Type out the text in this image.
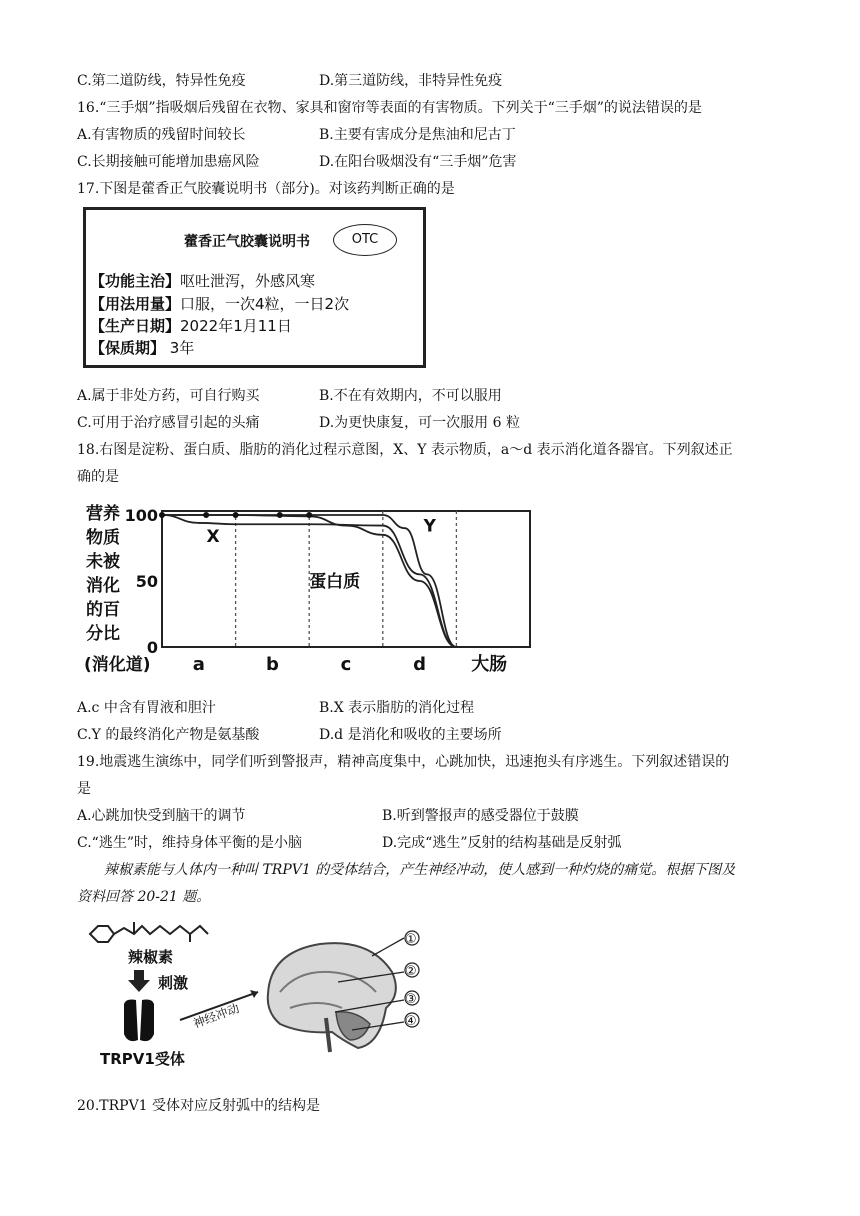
C.第二道防线，特异性免疫	D.第三道防线，非特异性免疫
16.“三手烟”指吸烟后残留在衣物、家具和窗帘等表面的有害物质。下列关于“三手烟”的说法错误的是
A.有害物质的残留时间较长	B.主要有害成分是焦油和尼古丁
C.长期接触可能增加患癌风险	D.在阳台吸烟没有“三手烟”危害
17.下图是藿香正气胶囊说明书（部分)。对该药判断正确的是
藿香正气胶囊说明书	OTC
【功能主治】呕吐泄泻，外感风寒
【用法用量】口服，一次4粒，一日2次
【生产日期】2022年1月11日
【保质期】 3年
A.属于非处方药，可自行购买	B.不在有效期内，不可以服用
C.可用于治疗感冒引起的头痛	D.为更快康复，可一次服用 6 粒
18.右图是淀粉、蛋白质、脂肪的消化过程示意图，X、Y 表示物质，a～d 表示消化道各器官。下列叙述正
确的是
营养
物质
未被
消化
的百
分比
100
50
0
X
蛋白质
Y
a	b	c	d	大肠
(消化道)
A.c 中含有胃液和胆汁	B.X 表示脂肪的消化过程
C.Y 的最终消化产物是氨基酸	D.d 是消化和吸收的主要场所
19.地震逃生演练中，同学们听到警报声，精神高度集中，心跳加快，迅速抱头有序逃生。下列叙述错误的
是
A.心跳加快受到脑干的调节	B.听到警报声的感受器位于鼓膜
C.“逃生”时，维持身体平衡的是小脑	D.完成“逃生”反射的结构基础是反射弧
辣椒素能与人体内一种叫 TRPV1 的受体结合，产生神经冲动，使人感到一种灼烧的痛觉。根据下图及
资料回答 20-21 题。
辣椒素
刺激
TRPV1受体
神经冲动
①
②
③
④
20.TRPV1 受体对应反射弧中的结构是
